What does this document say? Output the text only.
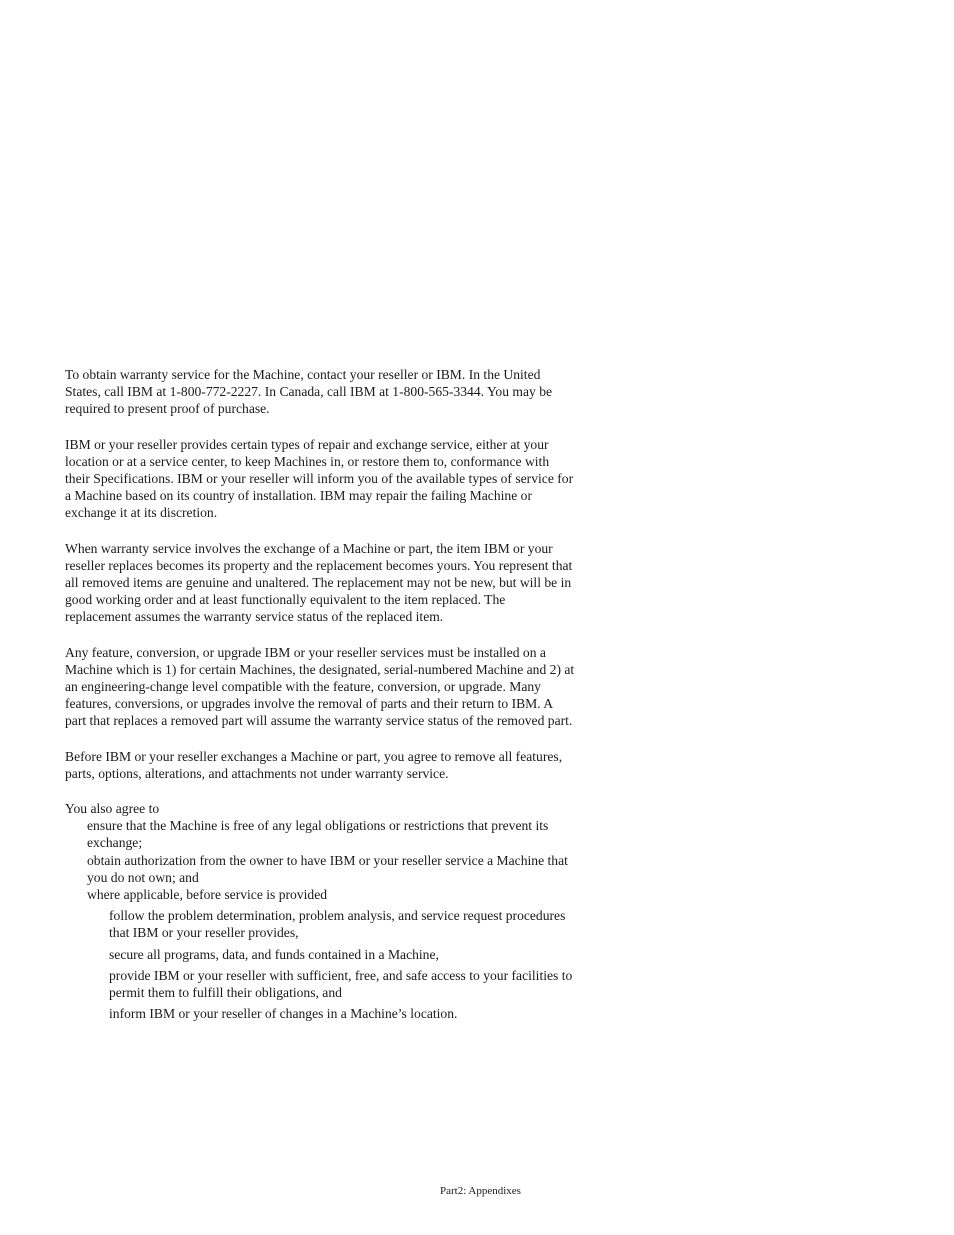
To obtain warranty service for the Machine, contact your reseller or IBM. In the United States, call IBM at 1-800-772-2227. In Canada, call IBM at 1-800-565-3344. You may be required to present proof of purchase.

IBM or your reseller provides certain types of repair and exchange service, either at your location or at a service center, to keep Machines in, or restore them to, conformance with their Specifications. IBM or your reseller will inform you of the available types of service for a Machine based on its country of installation. IBM may repair the failing Machine or exchange it at its discretion.

When warranty service involves the exchange of a Machine or part, the item IBM or your reseller replaces becomes its property and the replacement becomes yours. You represent that all removed items are genuine and unaltered. The replacement may not be new, but will be in good working order and at least functionally equivalent to the item replaced. The replacement assumes the warranty service status of the replaced item.

Any feature, conversion, or upgrade IBM or your reseller services must be installed on a Machine which is 1) for certain Machines, the designated, serial-numbered Machine and 2) at an engineering-change level compatible with the feature, conversion, or upgrade. Many features, conversions, or upgrades involve the removal of parts and their return to IBM. A part that replaces a removed part will assume the warranty service status of the removed part.

Before IBM or your reseller exchanges a Machine or part, you agree to remove all features, parts, options, alterations, and attachments not under warranty service.

You also agree to

ensure that the Machine is free of any legal obligations or restrictions that prevent its exchange;
obtain authorization from the owner to have IBM or your reseller service a Machine that you do not own; and
where applicable, before service is provided
follow the problem determination, problem analysis, and service request procedures that IBM or your reseller provides,
secure all programs, data, and funds contained in a Machine,
provide IBM or your reseller with sufficient, free, and safe access to your facilities to permit them to fulfill their obligations, and
inform IBM or your reseller of changes in a Machine’s location.
Part2: Appendixes
